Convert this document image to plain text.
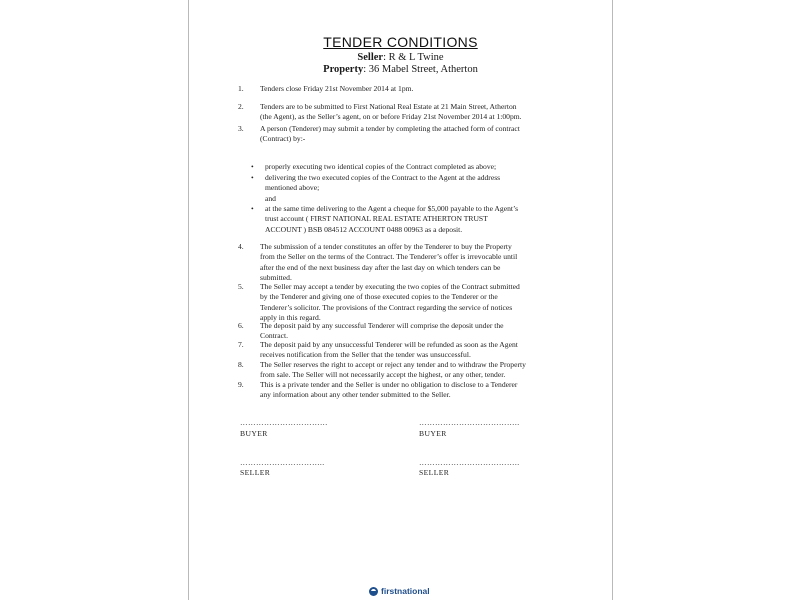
TENDER CONDITIONS
Seller: R & L Twine
Property: 36 Mabel Street, Atherton
1. Tenders close Friday 21st November 2014 at 1pm.
2. Tenders are to be submitted to First National Real Estate at 21 Main Street, Atherton
(the Agent), as the Seller’s agent, on or before Friday 21st November 2014 at 1:00pm.
3. A person (Tenderer) may submit a tender by completing the attached form of contract
(Contract) by:-
• properly executing two identical copies of the Contract completed as above;
• delivering the two executed copies of the Contract to the Agent at the address
mentioned above;
and
• at the same time delivering to the Agent a cheque for $5,000 payable to the Agent’s
trust account ( FIRST NATIONAL REAL ESTATE ATHERTON TRUST
ACCOUNT ) BSB 084512 ACCOUNT 0488 00963 as a deposit.
4. The submission of a tender constitutes an offer by the Tenderer to buy the Property
from the Seller on the terms of the Contract. The Tenderer’s offer is irrevocable until
after the end of the next business day after the last day on which tenders can be
submitted.
5. The Seller may accept a tender by executing the two copies of the Contract submitted
by the Tenderer and giving one of those executed copies to the Tenderer or the
Tenderer’s solicitor. The provisions of the Contract regarding the service of notices
apply in this regard.
6. The deposit paid by any successful Tenderer will comprise the deposit under the
Contract.
7. The deposit paid by any unsuccessful Tenderer will be refunded as soon as the Agent
receives notification from the Seller that the tender was unsuccessful.
8. The Seller reserves the right to accept or reject any tender and to withdraw the Property
from sale. The Seller will not necessarily accept the highest, or any other, tender.
9. This is a private tender and the Seller is under no obligation to disclose to a Tenderer
any information about any other tender submitted to the Seller.
……………………………
BUYER
………………………………..
BUYER
…………………………..
SELLER
………………………………..
SELLER
firstnational
